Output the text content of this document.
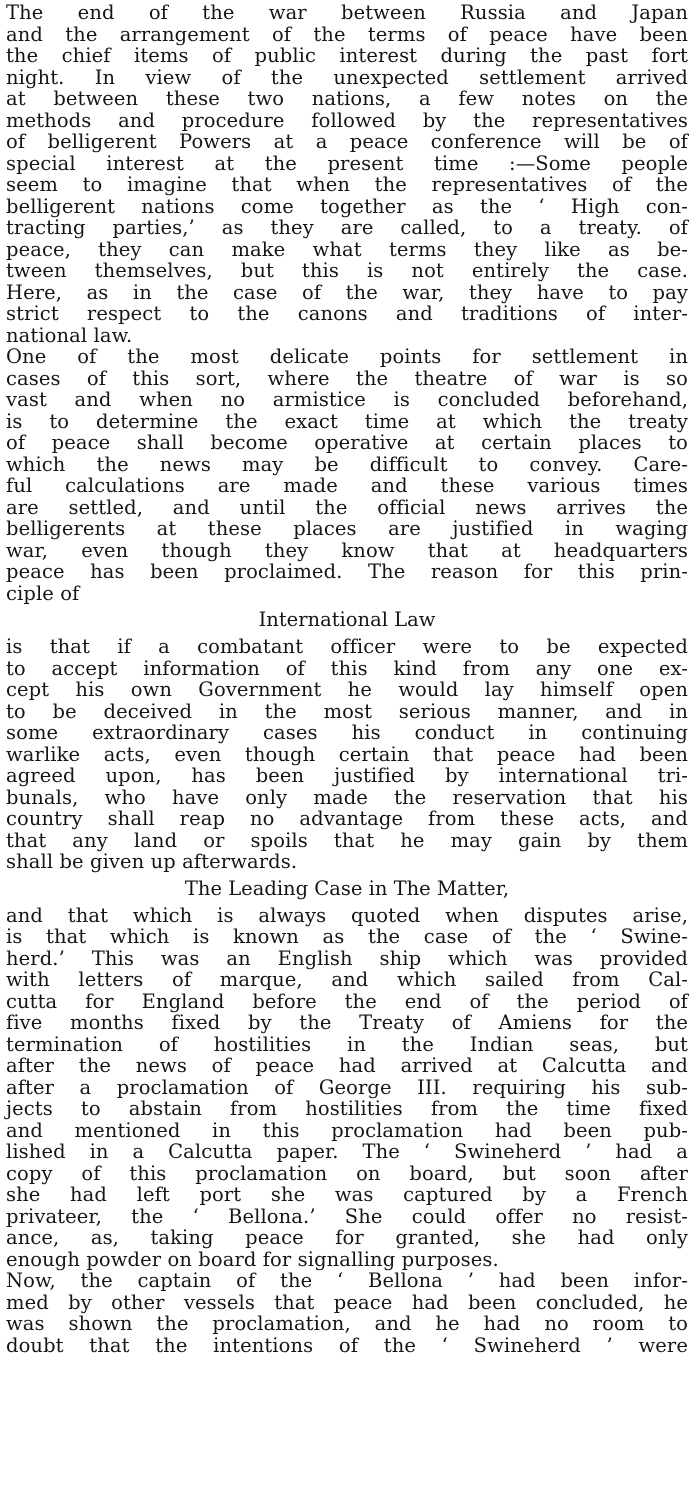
The end of the war between Russia and Japan
and the arrangement of the terms of peace have been
the chief items of public interest during the past fort
night. In view of the unexpected settlement arrived
at between these two nations, a few notes on the
methods and procedure followed by the representatives
of belligerent Powers at a peace conference will be of
special interest at the present time :—Some people
seem to imagine that when the representatives of the
belligerent nations come together as the ‘ High con-
tracting parties,’ as they are called, to a treaty. of
peace, they can make what terms they like as be-
tween themselves, but this is not entirely the case.
Here, as in the case of the war, they have to pay
strict respect to the canons and traditions of inter-
national law.
One of the most delicate points for settlement in
cases of this sort, where the theatre of war is so
vast and when no armistice is concluded beforehand,
is to determine the exact time at which the treaty
of peace shall become operative at certain places to
which the news may be difficult to convey. Care-
ful calculations are made and these various times
are settled, and until the official news arrives the
belligerents at these places are justified in waging
war, even though they know that at headquarters
peace has been proclaimed. The reason for this prin-
ciple of
International Law
is that if a combatant officer were to be expected
to accept information of this kind from any one ex-
cept his own Government he would lay himself open
to be deceived in the most serious manner, and in
some extraordinary cases his conduct in continuing
warlike acts, even though certain that peace had been
agreed upon, has been justified by international tri-
bunals, who have only made the reservation that his
country shall reap no advantage from these acts, and
that any land or spoils that he may gain by them
shall be given up afterwards.
The Leading Case in The Matter,
and that which is always quoted when disputes arise,
is that which is known as the case of the ‘ Swine-
herd.’ This was an English ship which was provided
with letters of marque, and which sailed from Cal-
cutta for England before the end of the period of
five months fixed by the Treaty of Amiens for the
termination of hostilities in the Indian seas, but
after the news of peace had arrived at Calcutta and
after a proclamation of George III. requiring his sub-
jects to abstain from hostilities from the time fixed
and mentioned in this proclamation had been pub-
lished in a Calcutta paper. The ‘ Swineherd ’ had a
copy of this proclamation on board, but soon after
she had left port she was captured by a French
privateer, the ‘ Bellona.’ She could offer no resist-
ance, as, taking peace for granted, she had only
enough powder on board for signalling purposes.
Now, the captain of the ‘ Bellona ’ had been infor-
med by other vessels that peace had been concluded, he
was shown the proclamation, and he had no room to
doubt that the intentions of the ‘ Swineherd ’ were
